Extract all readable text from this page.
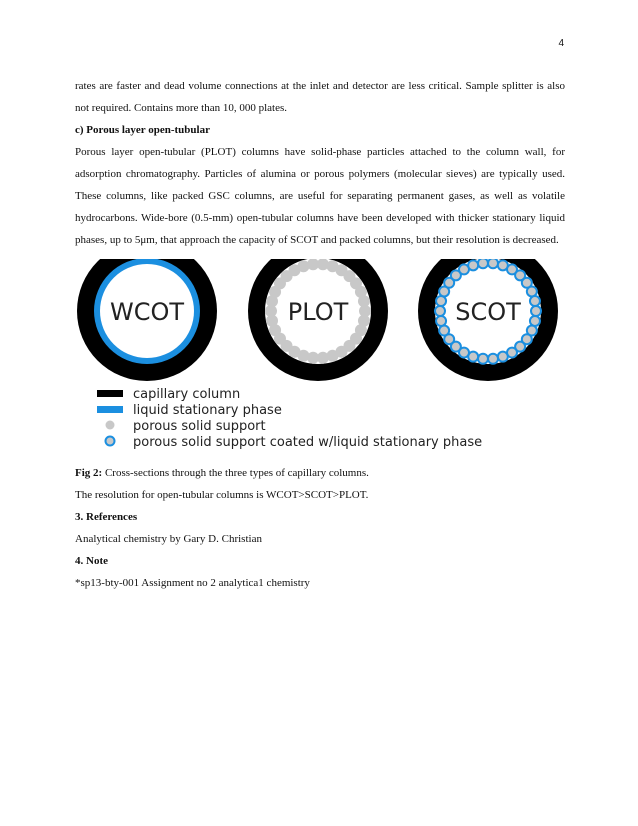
4

rates are faster and dead volume connections at the inlet and detector are less critical. Sample splitter is also not required. Contains more than 10, 000 plates.

c) Porous layer open-tubular

Porous layer open-tubular (PLOT) columns have solid-phase particles attached to the column wall, for adsorption chromatography. Particles of alumina or porous polymers (molecular sieves) are typically used. These columns, like packed GSC columns, are useful for separating permanent gases, as well as volatile hydrocarbons. Wide-bore (0.5-mm) open-tubular columns have been developed with thicker stationary liquid phases, up to 5μm, that approach the capacity of SCOT and packed columns, but their resolution is decreased.

WCOT	PLOT	SCOT
capillary column
liquid stationary phase
porous solid support
porous solid support coated w/liquid stationary phase

Fig 2: Cross-sections through the three types of capillary columns.

The resolution for open-tubular columns is WCOT>SCOT>PLOT.

3. References

Analytical chemistry by Gary D. Christian

4. Note

*sp13-bty-001 Assignment no 2 analytica1 chemistry
